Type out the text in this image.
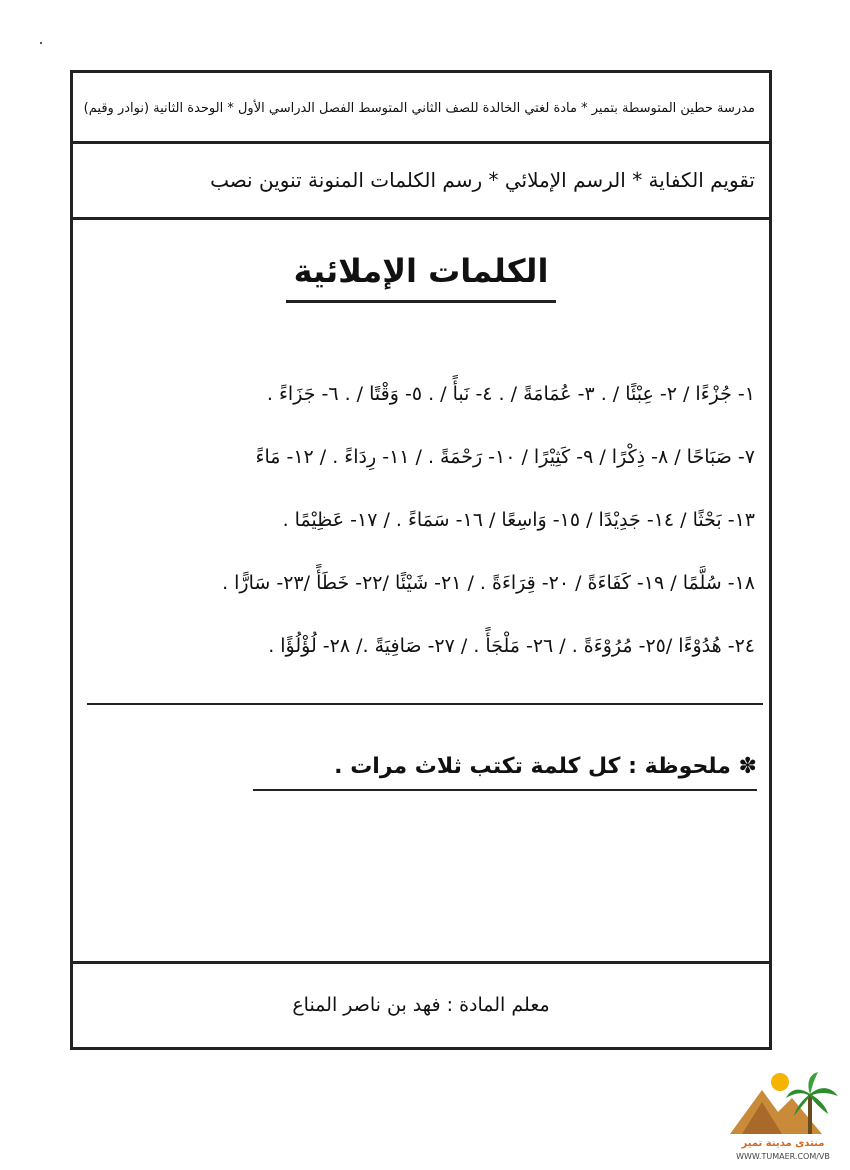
مدرسة حطين المتوسطة بتمير * مادة لغتي الخالدة للصف الثاني المتوسط الفصل الدراسي الأول * الوحدة الثانية (نوادر وقيم)
تقويم الكفاية * الرسم الإملائي * رسم الكلمات المنونة تنوين نصب
الكلمات الإملائية
١- جُزْءًا / ٢- عِبْئًا / . ٣- عُمَامَةً / . ٤- نَبأً / . ٥- وَقْتًا / . ٦- جَزَاءً .
٧- صَبَاحًا / ٨- ذِكْرًا / ٩- كَثِيْرًا / ١٠- رَحْمَةً . / ١١- رِدَاءً . / ١٢- مَاءً
١٣- بَحْثًا / ١٤- جَدِيْدًا / ١٥- وَاسِعًا / ١٦- سَمَاءً . / ١٧- عَظِيْمًا .
١٨- سُلَّمًا / ١٩- كَفَاءَةً / ٢٠- قِرَاءَةً . / ٢١- شَيْئًا /٢٢- خَطَأً /٢٣- سَارًّا .
٢٤- هُدُوْءًا /٢٥- مُرُوْءَةً . / ٢٦- مَلْجَأً . / ٢٧- صَافِيَةً ./ ٢٨- لُؤْلُؤًا .
✽ ملحوظة : كل كلمة تكتب ثلاث مرات .
معلم المادة : فهد بن ناصر المناع
منتدى مدينة تمير
WWW.TUMAER.COM/VB
